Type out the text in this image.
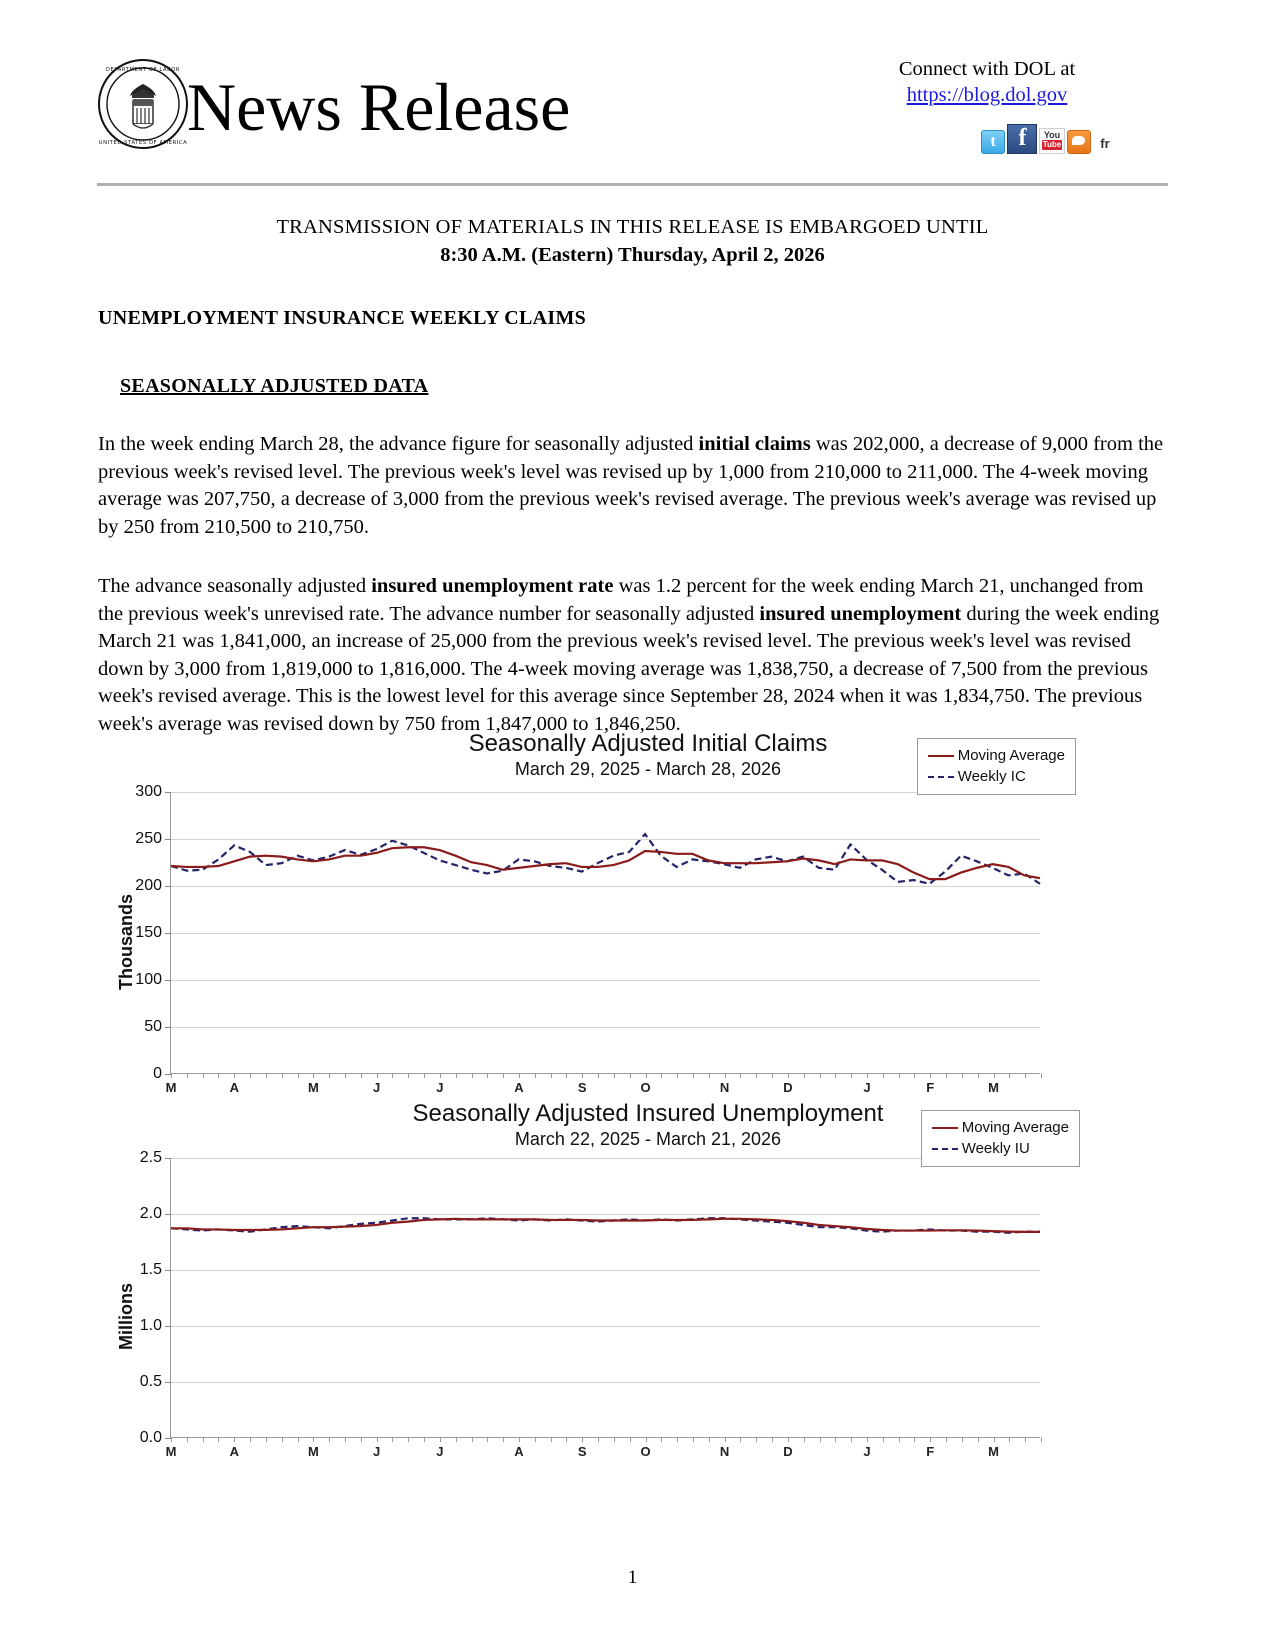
DEPARTMENT OF LABOR
UNITED STATES OF AMERICA News Release	Connect with DOL at
https://blog.dol.gov
t f	You
Tube	fr
TRANSMISSION OF MATERIALS IN THIS RELEASE IS EMBARGOED UNTIL
8:30 A.M. (Eastern) Thursday, April 2, 2026
UNEMPLOYMENT INSURANCE WEEKLY CLAIMS
SEASONALLY ADJUSTED DATA

In the week ending March 28, the advance figure for seasonally adjusted initial claims was 202,000, a decrease of 9,000 from the previous week's revised level. The previous week's level was revised up by 1,000 from 210,000 to 211,000. The 4-week moving average was 207,750, a decrease of 3,000 from the previous week's revised average. The previous week's average was revised up by 250 from 210,500 to 210,750.

The advance seasonally adjusted insured unemployment rate was 1.2 percent for the week ending March 21, unchanged from the previous week's unrevised rate. The advance number for seasonally adjusted insured unemployment during the week ending March 21 was 1,841,000, an increase of 25,000 from the previous week's revised level. The previous week's level was revised down by 3,000 from 1,819,000 to 1,816,000. The 4-week moving average was 1,838,750, a decrease of 7,500 from the previous week's revised average. This is the lowest level for this average since September 28, 2024 when it was 1,834,750. The previous week's average was revised down by 750 from 1,847,000 to 1,846,250.

Seasonally Adjusted Initial Claims
March 29, 2025 - March 28, 2026
Moving Average
Weekly IC
Thousands
M	A	M	J	J	A	S	O	N	D	J	F	M
0
50
100
150
200
250
300
Seasonally Adjusted Insured Unemployment
March 22, 2025 - March 21, 2026
Moving Average
Weekly IU
Millions
M	A	M	J	J	A	S	O	N	D	J	F	M
0.0
0.5
1.0
1.5
2.0
2.5
1
